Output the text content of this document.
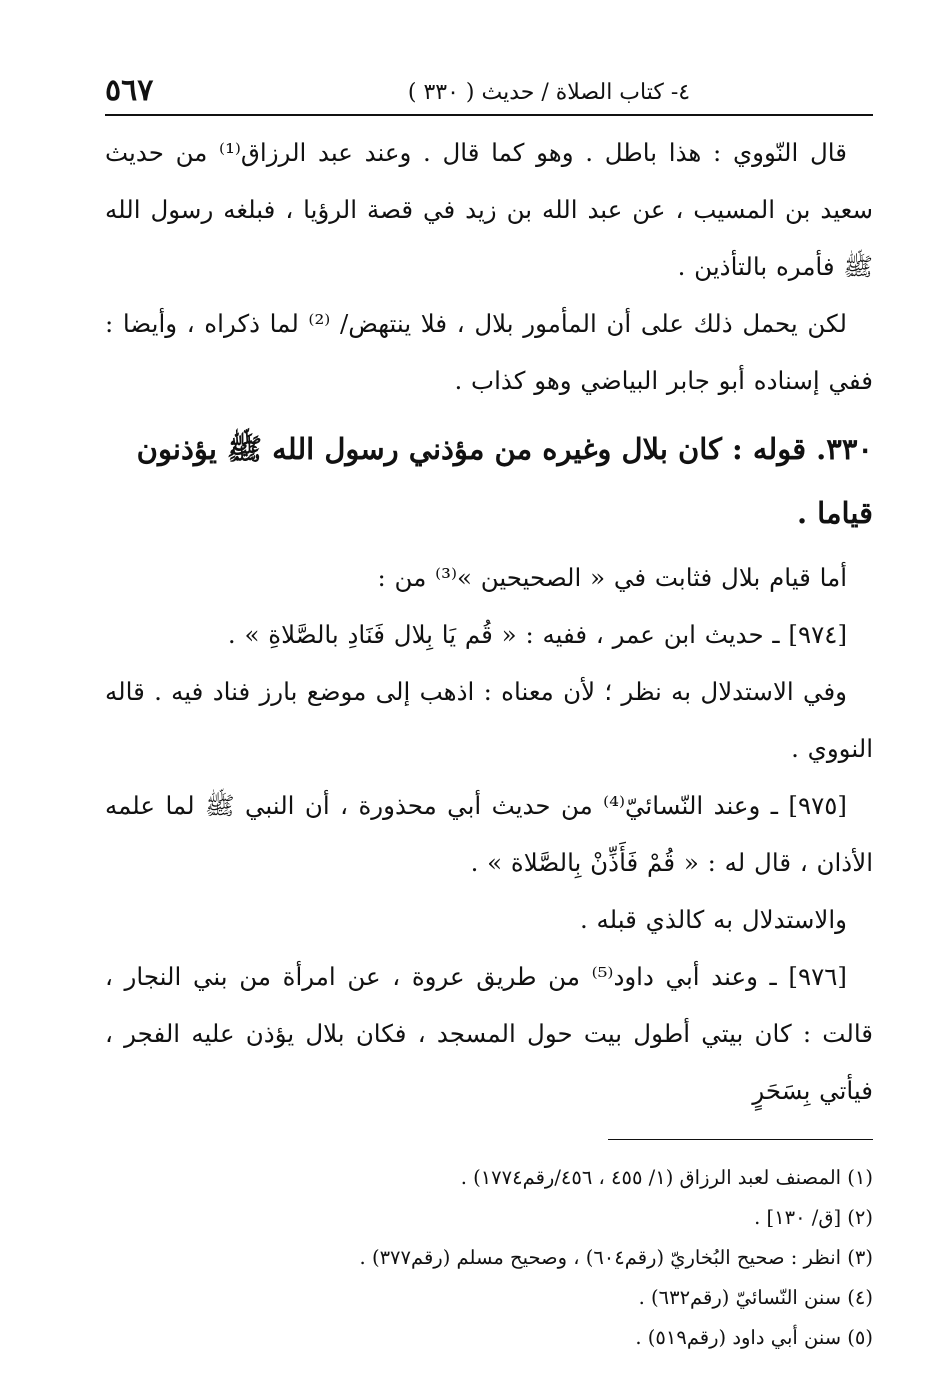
٤- كتاب الصلاة / حديث ( ٣٣٠ )
٥٦٧

قال النّووي : هذا باطل . وهو كما قال . وعند عبد الرزاق⁽¹⁾ من حديث سعيد بن المسيب ، عن عبد الله بن زيد في قصة الرؤيا ، فبلغه رسول الله ﷺ فأمره بالتأذين .

لكن يحمل ذلك على أن المأمور بلال ، فلا ينتهض/ ⁽²⁾ لما ذكراه ، وأيضا : ففي إسناده أبو جابر البياضي وهو كذاب .

٣٣٠. قوله : كان بلال وغيره من مؤذني رسول الله ﷺ يؤذنون قياما .

أما قيام بلال فثابت في « الصحيحين »⁽³⁾ من :

[٩٧٤] ـ حديث ابن عمر ، ففيه : « قُم يَا بِلال فَنَادِ بالصَّلاةِ » .

وفي الاستدلال به نظر ؛ لأن معناه : اذهب إلى موضع بارز فناد فيه . قاله النووي .

[٩٧٥] ـ وعند النّسائيّ⁽⁴⁾ من حديث أبي محذورة ، أن النبي ﷺ لما علمه الأذان ، قال له : « قُمْ فَأَذِّنْ بِالصَّلاة » .

والاستدلال به كالذي قبله .

[٩٧٦] ـ وعند أبي داود⁽⁵⁾ من طريق عروة ، عن امرأة من بني النجار ، قالت : كان بيتي أطول بيت حول المسجد ، فكان بلال يؤذن عليه الفجر ، فيأتي بِسَحَرٍ

(١) المصنف لعبد الرزاق (١/ ٤٥٥ ، ٤٥٦/رقم١٧٧٤) .

(٢) [ق/ ١٣٠] .

(٣) انظر : صحيح البُخاريّ (رقم٦٠٤) ، وصحيح مسلم (رقم٣٧٧) .

(٤) سنن النّسائيّ (رقم٦٣٢) .

(٥) سنن أبي داود (رقم٥١٩) .
